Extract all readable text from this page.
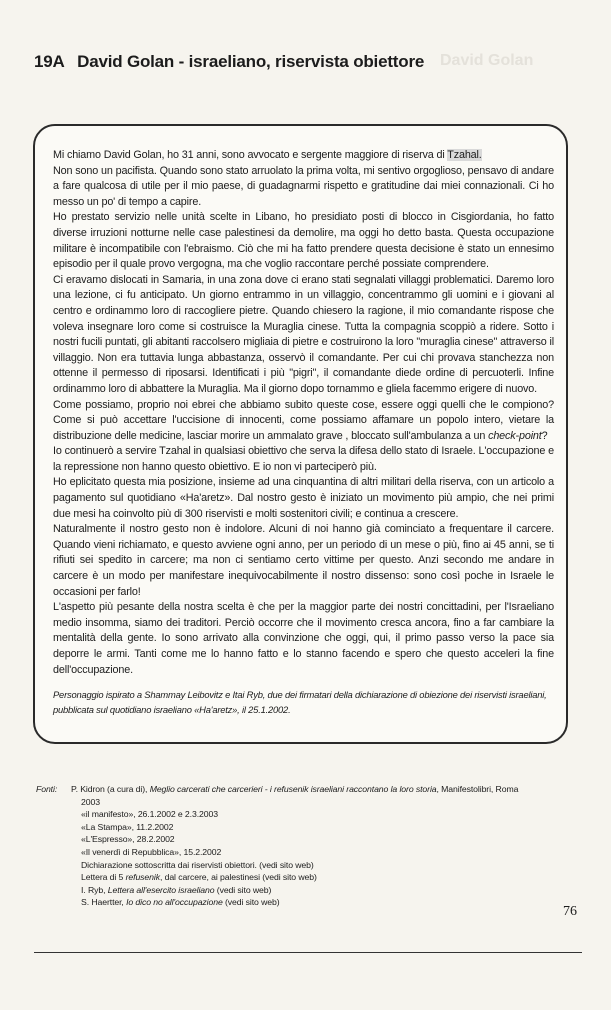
David Golan
19A David Golan - israeliano, riservista obiettore

Mi chiamo David Golan, ho 31 anni, sono avvocato e sergente maggiore di riserva di Tzahal.

Non sono un pacifista. Quando sono stato arruolato la prima volta, mi sentivo orgoglioso, pensavo di andare a fare qualcosa di utile per il mio paese, di guadagnarmi rispetto e gratitudine dai miei connazionali. Ci ho messo un po' di tempo a capire.

Ho prestato servizio nelle unità scelte in Libano, ho presidiato posti di blocco in Cisgiordania, ho fatto diverse irruzioni notturne nelle case palestinesi da demolire, ma oggi ho detto basta. Questa occupazione militare è incompatibile con l'ebraismo. Ciò che mi ha fatto prendere questa decisione è stato un ennesimo episodio per il quale provo vergogna, ma che voglio raccontare perché possiate comprendere.

Ci eravamo dislocati in Samaria, in una zona dove ci erano stati segnalati villaggi problematici. Daremo loro una lezione, ci fu anticipato. Un giorno entrammo in un villaggio, concentrammo gli uomini e i giovani al centro e ordinammo loro di raccogliere pietre. Quando chiesero la ragione, il mio comandante rispose che voleva insegnare loro come si costruisce la Muraglia cinese. Tutta la compagnia scoppiò a ridere. Sotto i nostri fucili puntati, gli abitanti raccolsero migliaia di pietre e costruirono la loro "muraglia cinese" attraverso il villaggio. Non era tuttavia lunga abbastanza, osservò il comandante. Per cui chi provava stanchezza non ottenne il permesso di riposarsi. Identificati i più "pigri", il comandante diede ordine di percuoterli. Infine ordinammo loro di abbattere la Muraglia. Ma il giorno dopo tornammo e gliela facemmo erigere di nuovo.

Come possiamo, proprio noi ebrei che abbiamo subito queste cose, essere oggi quelli che le compiono? Come si può accettare l'uccisione di innocenti, come possiamo affamare un popolo intero, vietare la distribuzione delle medicine, lasciar morire un ammalato grave , bloccato sull'ambulanza a un check-point?

Io continuerò a servire Tzahal in qualsiasi obiettivo che serva la difesa dello stato di Israele. L'occupazione e la repressione non hanno questo obiettivo. E io non vi parteciperò più.

Ho eplicitato questa mia posizione, insieme ad una cinquantina di altri militari della riserva, con un articolo a pagamento sul quotidiano «Ha'aretz». Dal nostro gesto è iniziato un movimento più ampio, che nei primi due mesi ha coinvolto più di 300 riservisti e molti sostenitori civili; e continua a crescere.

Naturalmente il nostro gesto non è indolore. Alcuni di noi hanno già cominciato a frequentare il carcere. Quando vieni richiamato, e questo avviene ogni anno, per un periodo di un mese o più, fino ai 45 anni, se ti rifiuti sei spedito in carcere; ma non ci sentiamo certo vittime per questo. Anzi secondo me andare in carcere è un modo per manifestare inequivocabilmente il nostro dissenso: sono così poche in Israele le occasioni per farlo!

L'aspetto più pesante della nostra scelta è che per la maggior parte dei nostri concittadini, per l'Israeliano medio insomma, siamo dei traditori. Perciò occorre che il movimento cresca ancora, fino a far cambiare la mentalità della gente. Io sono arrivato alla convinzione che oggi, qui, il primo passo verso la pace sia deporre le armi. Tanti come me lo hanno fatto e lo stanno facendo e spero che questo acceleri la fine dell'occupazione.

Personaggio ispirato a Shammay Leibovitz e Itai Ryb, due dei firmatari della dichiarazione di obiezione dei riservisti israeliani, pubblicata sul quotidiano israeliano «Ha'aretz», il 25.1.2002.
Fonti: P. Kidron (a cura di), Meglio carcerati che carcerieri - i refusenik israeliani raccontano la loro storia, Manifestolibri, Roma
2003
«il manifesto», 26.1.2002 e 2.3.2003
«La Stampa», 11.2.2002
«L'Espresso», 28.2.2002
«Il venerdì di Repubblica», 15.2.2002
Dichiarazione sottoscritta dai riservisti obiettori. (vedi sito web)
Lettera di 5 refusenik, dal carcere, ai palestinesi (vedi sito web)
I. Ryb, Lettera all'esercito israeliano (vedi sito web)
S. Haertter, Io dico no all'occupazione (vedi sito web)
76
